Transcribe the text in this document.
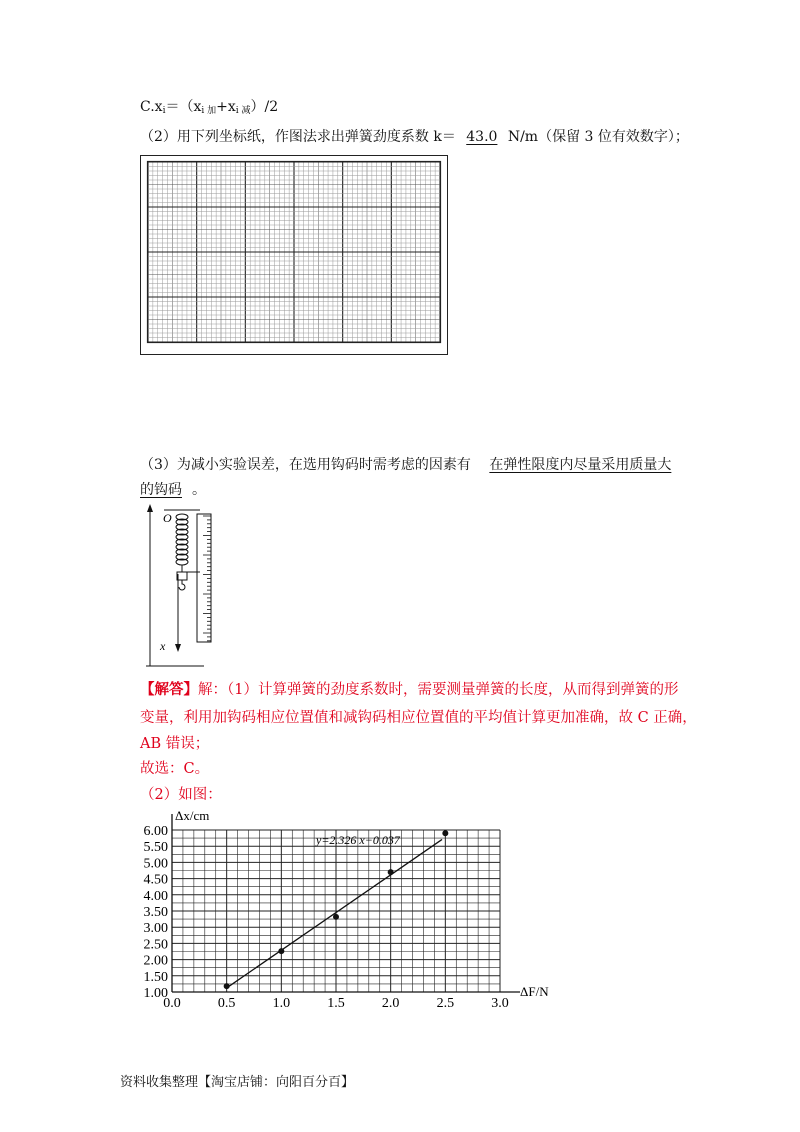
$C.x_i=(x_{i 加}+x_{i 减})/2$
（2）用下列坐标纸，作图法求出弹簧劲度系数 k＝ 43.0 N/m（保留 3 位有效数字）；
（3）为减小实验误差，在选用钩码时需考虑的因素有 在弹性限度内尽量采用质量大
的钩码 。
O
x
【解答】解：（1）计算弹簧的劲度系数时，需要测量弹簧的长度，从而得到弹簧的形
变量，利用加钩码相应位置值和减钩码相应位置值的平均值计算更加准确，故 C 正确，
AB 错误；
故选：C。
（2）如图：
0.0	0.5	1.0	1.5	2.0	2.5	3.0
1.00
1.50
2.00
2.50
3.00
3.50
4.00
4.50
5.00
5.50
6.00
Δx/cm
ΔF/N
y=2.326 x−0.037
资料收集整理【淘宝店铺：向阳百分百】
